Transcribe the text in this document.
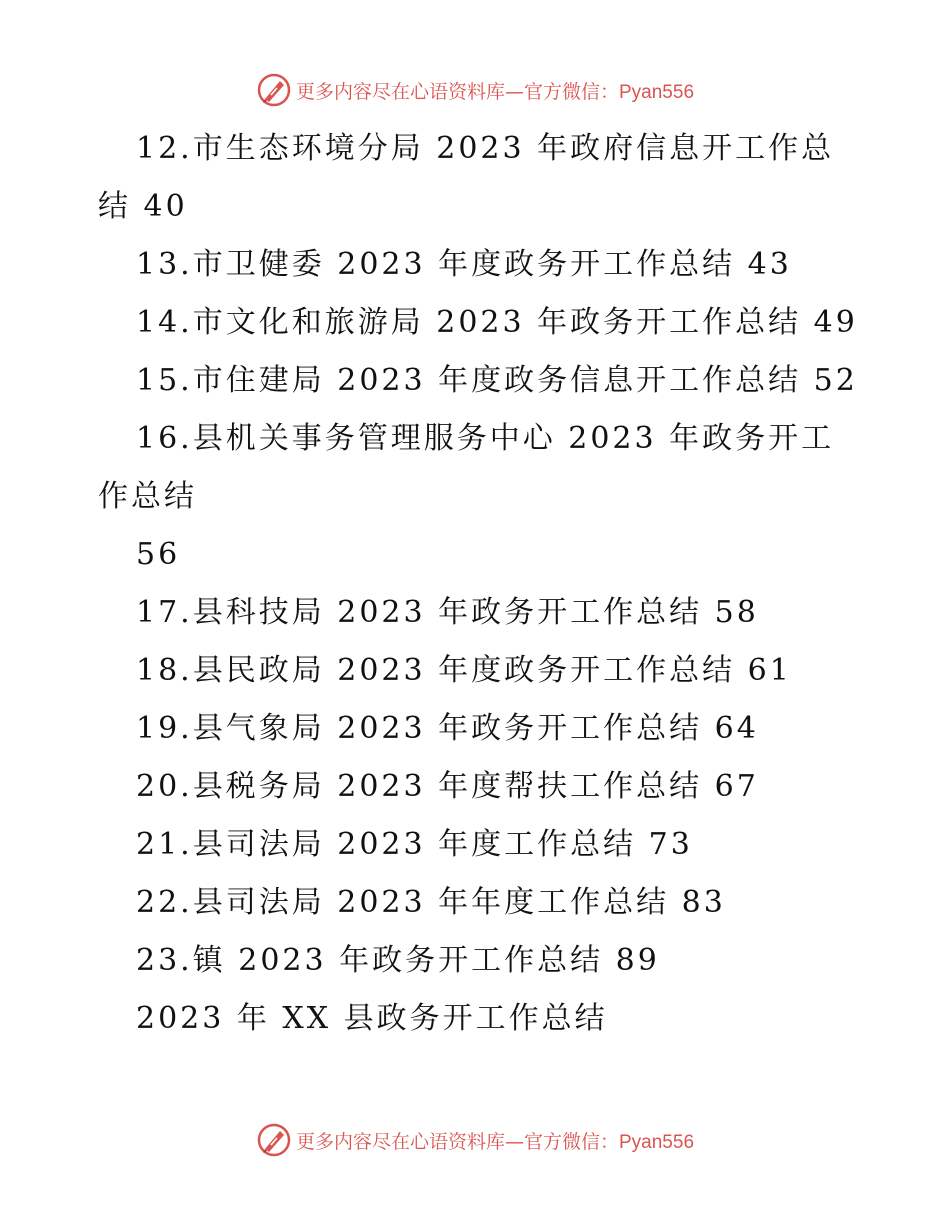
更多内容尽在心语资料库—官方微信：Pyan556
12.市生态环境分局 2023 年政府信息开工作总
结 40
13.市卫健委 2023 年度政务开工作总结 43
14.市文化和旅游局 2023 年政务开工作总结 49
15.市住建局 2023 年度政务信息开工作总结 52
16.县机关事务管理服务中心 2023 年政务开工
作总结
56
17.县科技局 2023 年政务开工作总结 58
18.县民政局 2023 年度政务开工作总结 61
19.县气象局 2023 年政务开工作总结 64
20.县税务局 2023 年度帮扶工作总结 67
21.县司法局 2023 年度工作总结 73
22.县司法局 2023 年年度工作总结 83
23.镇 2023 年政务开工作总结 89
2023 年 XX 县政务开工作总结
更多内容尽在心语资料库—官方微信：Pyan556
